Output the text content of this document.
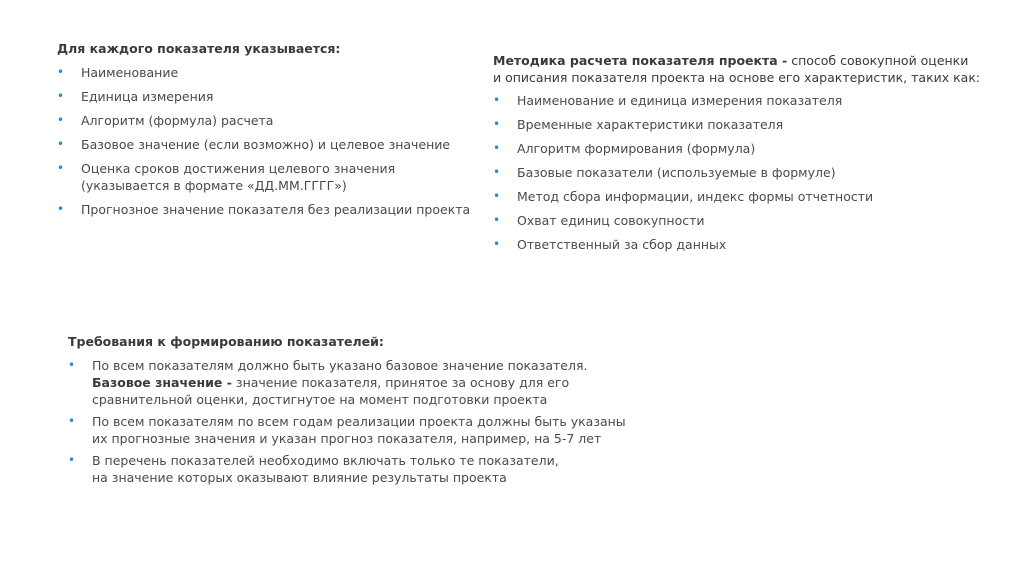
Для каждого показателя указывается:
• Наименование
• Единица измерения
• Алгоритм (формула) расчета
• Базовое значение (если возможно) и целевое значение
• Оценка сроков достижения целевого значения
(указывается в формате «ДД.ММ.ГГГГ»)
• Прогнозное значение показателя без реализации проекта
Методика расчета показателя проекта - способ совокупной оценки
и описания показателя проекта на основе его характеристик, таких как:
• Наименование и единица измерения показателя
• Временные характеристики показателя
• Алгоритм формирования (формула)
• Базовые показатели (используемые в формуле)
• Метод сбора информации, индекс формы отчетности
• Охват единиц совокупности
• Ответственный за сбор данных
Требования к формированию показателей:
• По всем показателям должно быть указано базовое значение показателя.
Базовое значение - значение показателя, принятое за основу для его
сравнительной оценки, достигнутое на момент подготовки проекта
• По всем показателям по всем годам реализации проекта должны быть указаны
их прогнозные значения и указан прогноз показателя, например, на 5-7 лет
• В перечень показателей необходимо включать только те показатели,
на значение которых оказывают влияние результаты проекта
